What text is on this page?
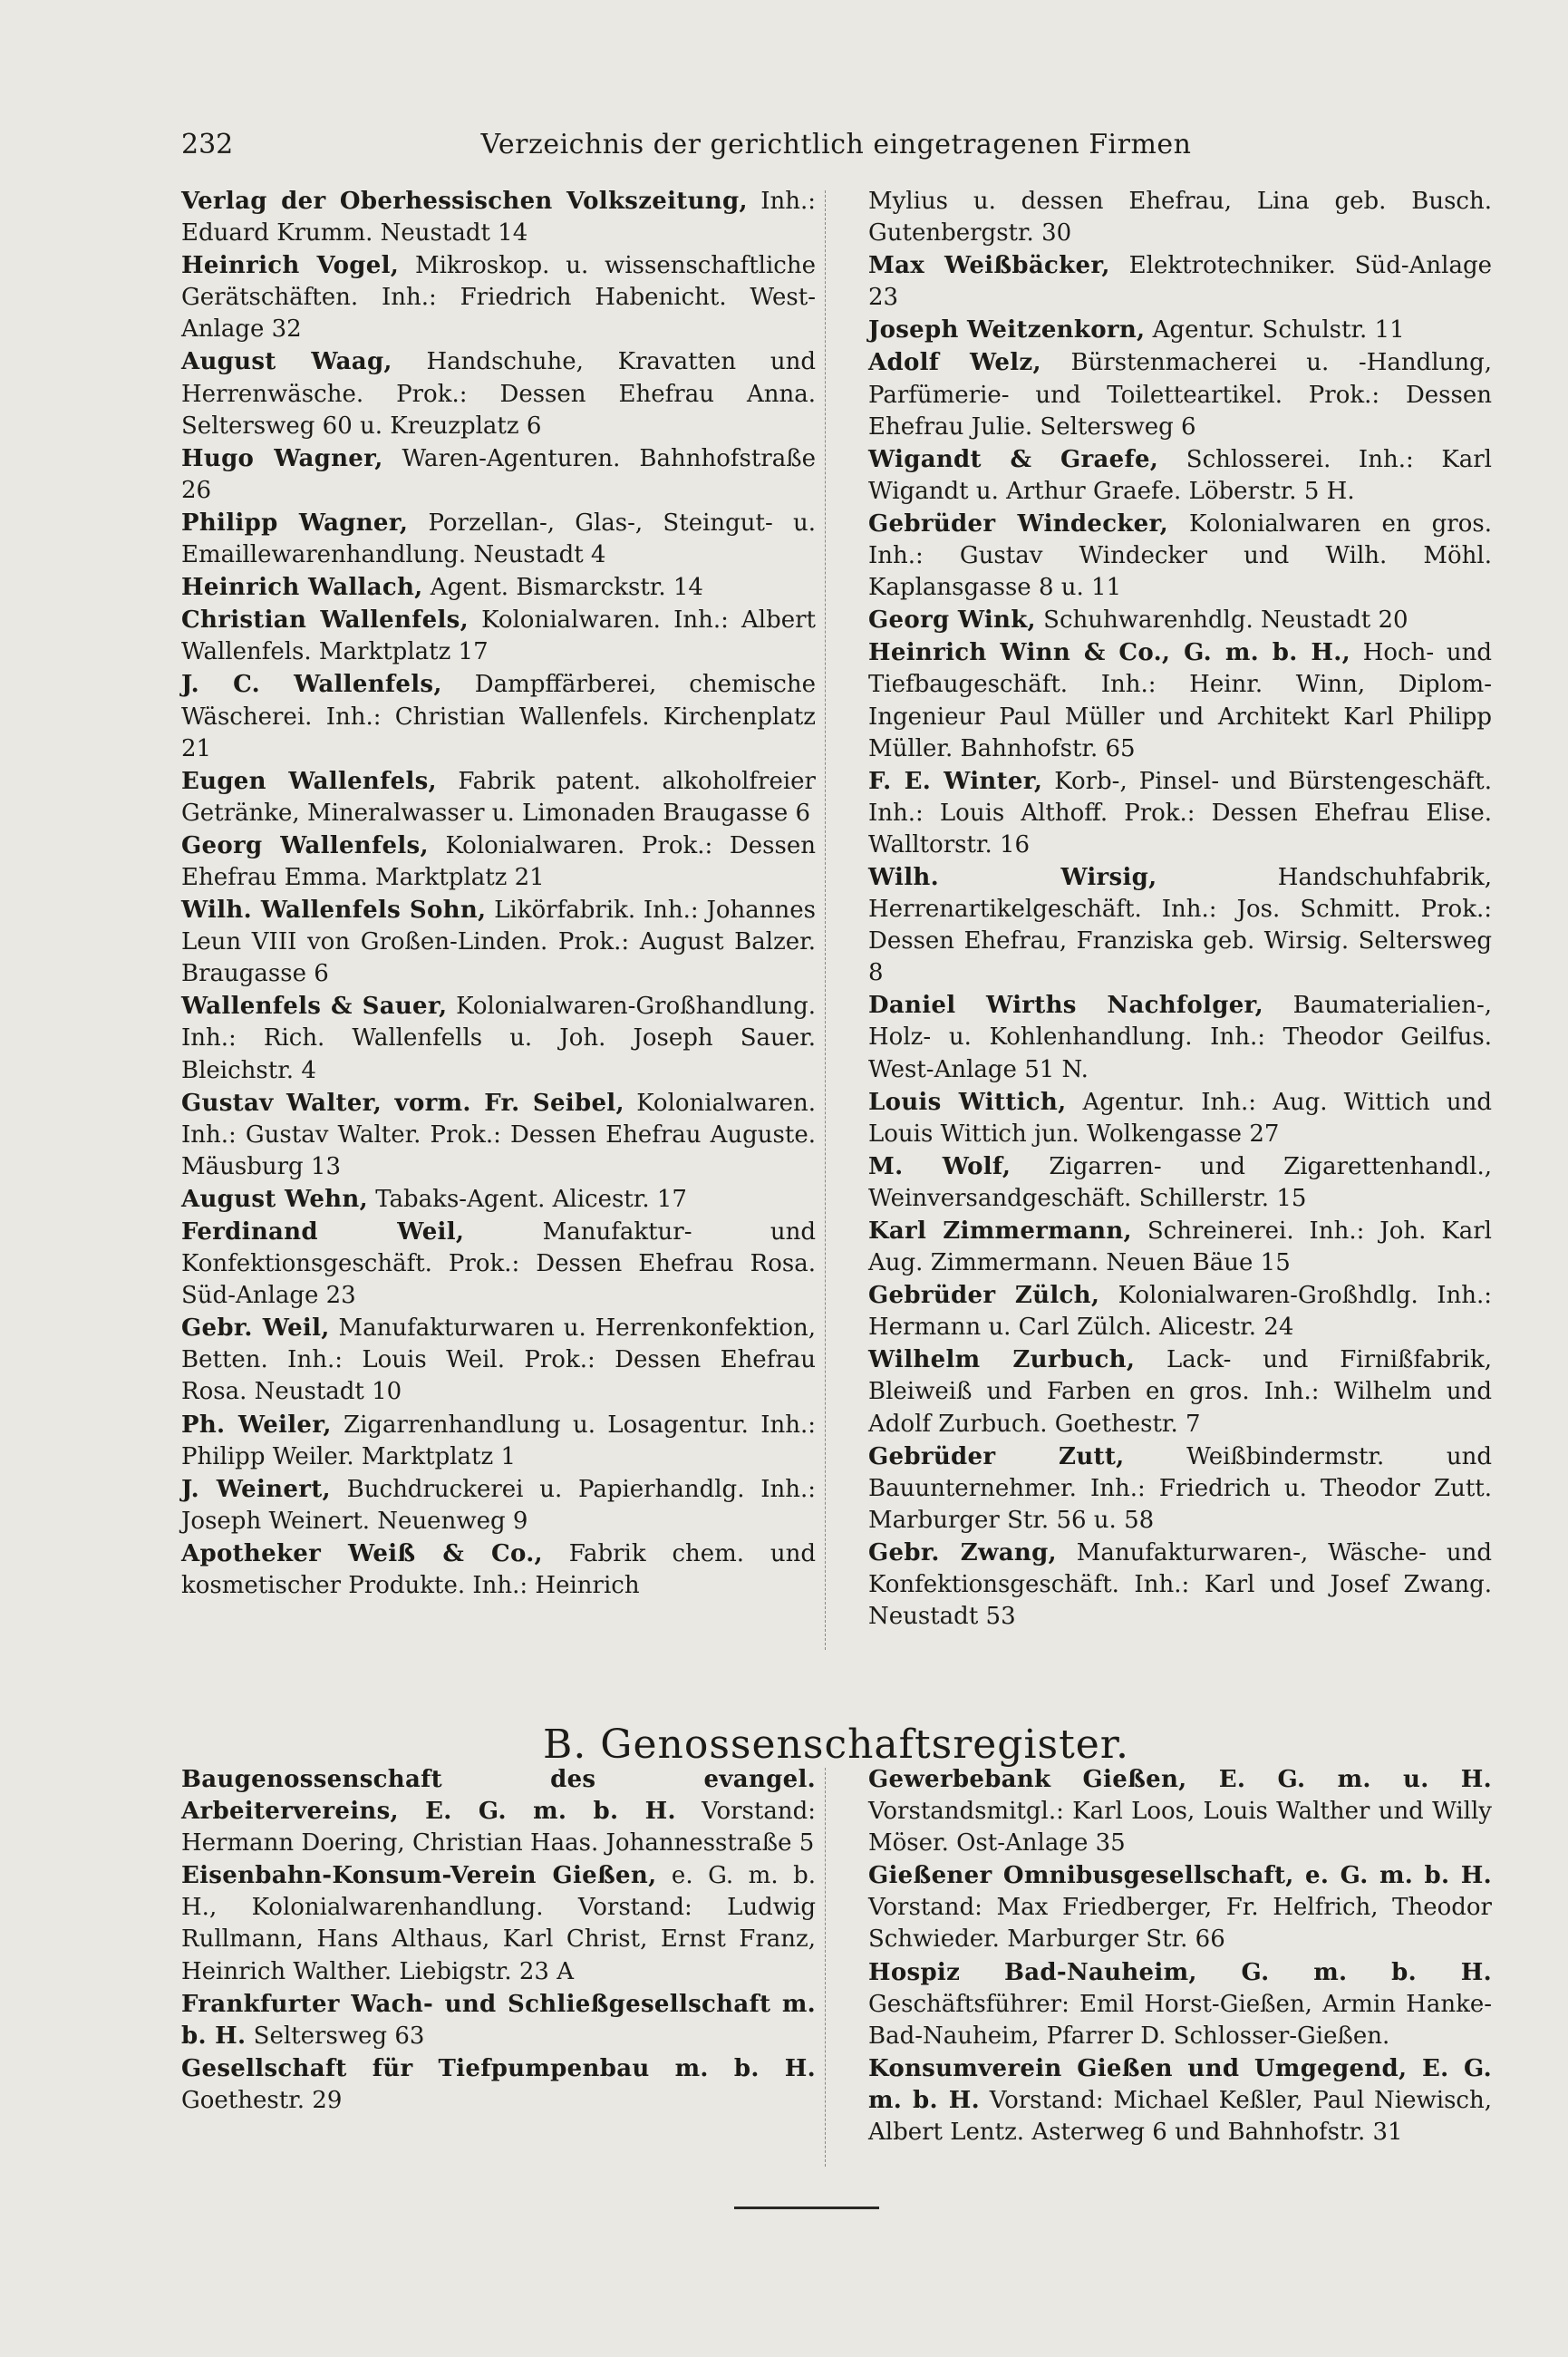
232	Verzeichnis der gerichtlich eingetragenen Firmen

Verlag der Oberhessischen Volkszeitung, Inh.: Eduard Krumm. Neustadt 14

Heinrich Vogel, Mikroskop. u. wissenschaftliche Gerätschäften. Inh.: Friedrich Habenicht. West-Anlage 32

August Waag, Handschuhe, Kravatten und Herrenwäsche. Prok.: Dessen Ehefrau Anna. Seltersweg 60 u. Kreuzplatz 6

Hugo Wagner, Waren-Agenturen. Bahnhofstraße 26

Philipp Wagner, Porzellan-, Glas-, Steingut- u. Emaillewarenhandlung. Neustadt 4

Heinrich Wallach, Agent. Bismarckstr. 14

Christian Wallenfels, Kolonialwaren. Inh.: Albert Wallenfels. Marktplatz 17

J. C. Wallenfels, Dampffärberei, chemische Wäscherei. Inh.: Christian Wallenfels. Kirchenplatz 21

Eugen Wallenfels, Fabrik patent. alkoholfreier Getränke, Mineralwasser u. Limonaden Braugasse 6

Georg Wallenfels, Kolonialwaren. Prok.: Dessen Ehefrau Emma. Marktplatz 21

Wilh. Wallenfels Sohn, Likörfabrik. Inh.: Johannes Leun VIII von Großen-Linden. Prok.: August Balzer. Braugasse 6

Wallenfels & Sauer, Kolonialwaren-Großhandlung. Inh.: Rich. Wallenfells u. Joh. Joseph Sauer. Bleichstr. 4

Gustav Walter, vorm. Fr. Seibel, Kolonialwaren. Inh.: Gustav Walter. Prok.: Dessen Ehefrau Auguste. Mäusburg 13

August Wehn, Tabaks-Agent. Alicestr. 17

Ferdinand Weil, Manufaktur- und Konfektionsgeschäft. Prok.: Dessen Ehefrau Rosa. Süd-Anlage 23

Gebr. Weil, Manufakturwaren u. Herrenkonfektion, Betten. Inh.: Louis Weil. Prok.: Dessen Ehefrau Rosa. Neustadt 10

Ph. Weiler, Zigarrenhandlung u. Losagentur. Inh.: Philipp Weiler. Marktplatz 1

J. Weinert, Buchdruckerei u. Papierhandlg. Inh.: Joseph Weinert. Neuenweg 9

Apotheker Weiß & Co., Fabrik chem. und kosmetischer Produkte. Inh.: Heinrich

Mylius u. dessen Ehefrau, Lina geb. Busch. Gutenbergstr. 30

Max Weißbäcker, Elektrotechniker. Süd-Anlage 23

Joseph Weitzenkorn, Agentur. Schulstr. 11

Adolf Welz, Bürstenmacherei u. -Handlung, Parfümerie- und Toiletteartikel. Prok.: Dessen Ehefrau Julie. Seltersweg 6

Wigandt & Graefe, Schlosserei. Inh.: Karl Wigandt u. Arthur Graefe. Löberstr. 5 H.

Gebrüder Windecker, Kolonialwaren en gros. Inh.: Gustav Windecker und Wilh. Möhl. Kaplansgasse 8 u. 11

Georg Wink, Schuhwarenhdlg. Neustadt 20

Heinrich Winn & Co., G. m. b. H., Hoch- und Tiefbaugeschäft. Inh.: Heinr. Winn, Diplom-Ingenieur Paul Müller und Architekt Karl Philipp Müller. Bahnhofstr. 65

F. E. Winter, Korb-, Pinsel- und Bürstengeschäft. Inh.: Louis Althoff. Prok.: Dessen Ehefrau Elise. Walltorstr. 16

Wilh. Wirsig, Handschuhfabrik, Herrenartikelgeschäft. Inh.: Jos. Schmitt. Prok.: Dessen Ehefrau, Franziska geb. Wirsig. Seltersweg 8

Daniel Wirths Nachfolger, Baumaterialien-, Holz- u. Kohlenhandlung. Inh.: Theodor Geilfus. West-Anlage 51 N.

Louis Wittich, Agentur. Inh.: Aug. Wittich und Louis Wittich jun. Wolkengasse 27

M. Wolf, Zigarren- und Zigarettenhandl., Weinversandgeschäft. Schillerstr. 15

Karl Zimmermann, Schreinerei. Inh.: Joh. Karl Aug. Zimmermann. Neuen Bäue 15

Gebrüder Zülch, Kolonialwaren-Großhdlg. Inh.: Hermann u. Carl Zülch. Alicestr. 24

Wilhelm Zurbuch, Lack- und Firnißfabrik, Bleiweiß und Farben en gros. Inh.: Wilhelm und Adolf Zurbuch. Goethestr. 7

Gebrüder Zutt, Weißbindermstr. und Bauunternehmer. Inh.: Friedrich u. Theodor Zutt. Marburger Str. 56 u. 58

Gebr. Zwang, Manufakturwaren-, Wäsche- und Konfektionsgeschäft. Inh.: Karl und Josef Zwang. Neustadt 53

B. Genossenschaftsregister.

Baugenossenschaft des evangel. Arbeitervereins, E. G. m. b. H. Vorstand: Hermann Doering, Christian Haas. Johannesstraße 5

Eisenbahn-Konsum-Verein Gießen, e. G. m. b. H., Kolonialwarenhandlung. Vorstand: Ludwig Rullmann, Hans Althaus, Karl Christ, Ernst Franz, Heinrich Walther. Liebigstr. 23 A

Frankfurter Wach- und Schließgesellschaft m. b. H. Seltersweg 63

Gesellschaft für Tiefpumpenbau m. b. H. Goethestr. 29

Gewerbebank Gießen, E. G. m. u. H. Vorstandsmitgl.: Karl Loos, Louis Walther und Willy Möser. Ost-Anlage 35

Gießener Omnibusgesellschaft, e. G. m. b. H. Vorstand: Max Friedberger, Fr. Helfrich, Theodor Schwieder. Marburger Str. 66

Hospiz Bad-Nauheim, G. m. b. H. Geschäftsführer: Emil Horst-Gießen, Armin Hanke-Bad-Nauheim, Pfarrer D. Schlosser-Gießen.

Konsumverein Gießen und Umgegend, E. G. m. b. H. Vorstand: Michael Keßler, Paul Niewisch, Albert Lentz. Asterweg 6 und Bahnhofstr. 31
